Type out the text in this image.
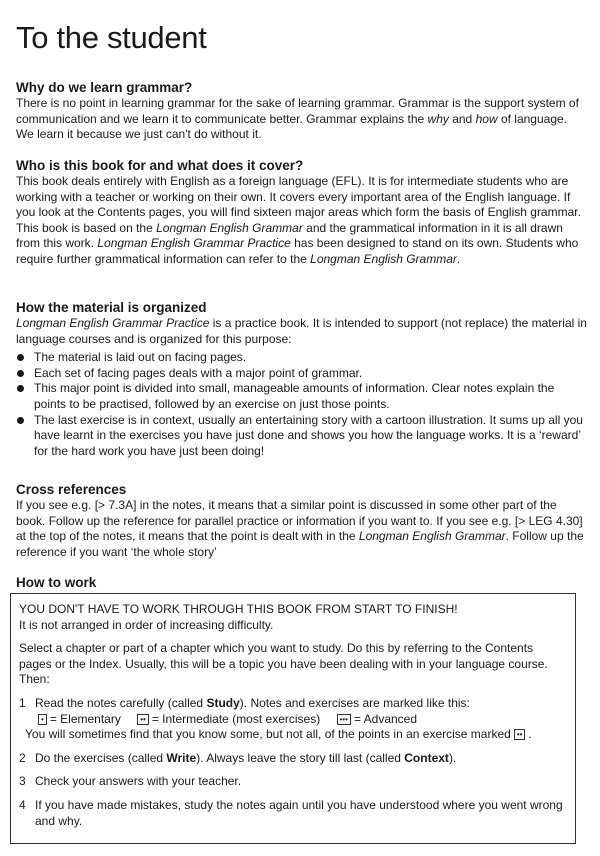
To the student
Why do we learn grammar?

There is no point in learning grammar for the sake of learning grammar. Grammar is the support system of communication and we learn it to communicate better. Grammar explains the why and how of language. We learn it because we just can't do without it.

Who is this book for and what does it cover?

This book deals entirely with English as a foreign language (EFL). It is for intermediate students who are working with a teacher or working on their own. It covers every important area of the English language. If you look at the Contents pages, you will find sixteen major areas which form the basis of English grammar. This book is based on the Longman English Grammar and the grammatical information in it is all drawn from this work. Longman English Grammar Practice has been designed to stand on its own. Students who require further grammatical information can refer to the Longman English Grammar.

How the material is organized

Longman English Grammar Practice is a practice book. It is intended to support (not replace) the material in language courses and is organized for this purpose:

The material is laid out on facing pages.
Each set of facing pages deals with a major point of grammar.
This major point is divided into small, manageable amounts of information. Clear notes explain the points to be practised, followed by an exercise on just those points.
The last exercise is in context, usually an entertaining story with a cartoon illustration. It sums up all you have learnt in the exercises you have just done and shows you how the language works. It is a ‘reward’ for the hard work you have just been doing!
Cross references

If you see e.g. [> 7.3A] in the notes, it means that a similar point is discussed in some other part of the book. Follow up the reference for parallel practice or information if you want to. If you see e.g. [> LEG 4.30] at the top of the notes, it means that the point is dealt with in the Longman English Grammar. Follow up the reference if you want ‘the whole story’

How to work

YOU DON'T HAVE TO WORK THROUGH THIS BOOK FROM START TO FINISH!
It is not arranged in order of increasing difficulty.

Select a chapter or part of a chapter which you want to study. Do this by referring to the Contents pages or the Index. Usually, this will be a topic you have been dealing with in your language course. Then:

1 Read the notes carefully (called Study). Notes and exercises are marked like this:
• = Elementary •• = Intermediate (most exercises) ••• = Advanced
You will sometimes find that you know some, but not all, of the points in an exercise marked •• .
2 Do the exercises (called Write). Always leave the story till last (called Context).
3 Check your answers with your teacher.
4 If you have made mistakes, study the notes again until you have understood where you went wrong and why.
